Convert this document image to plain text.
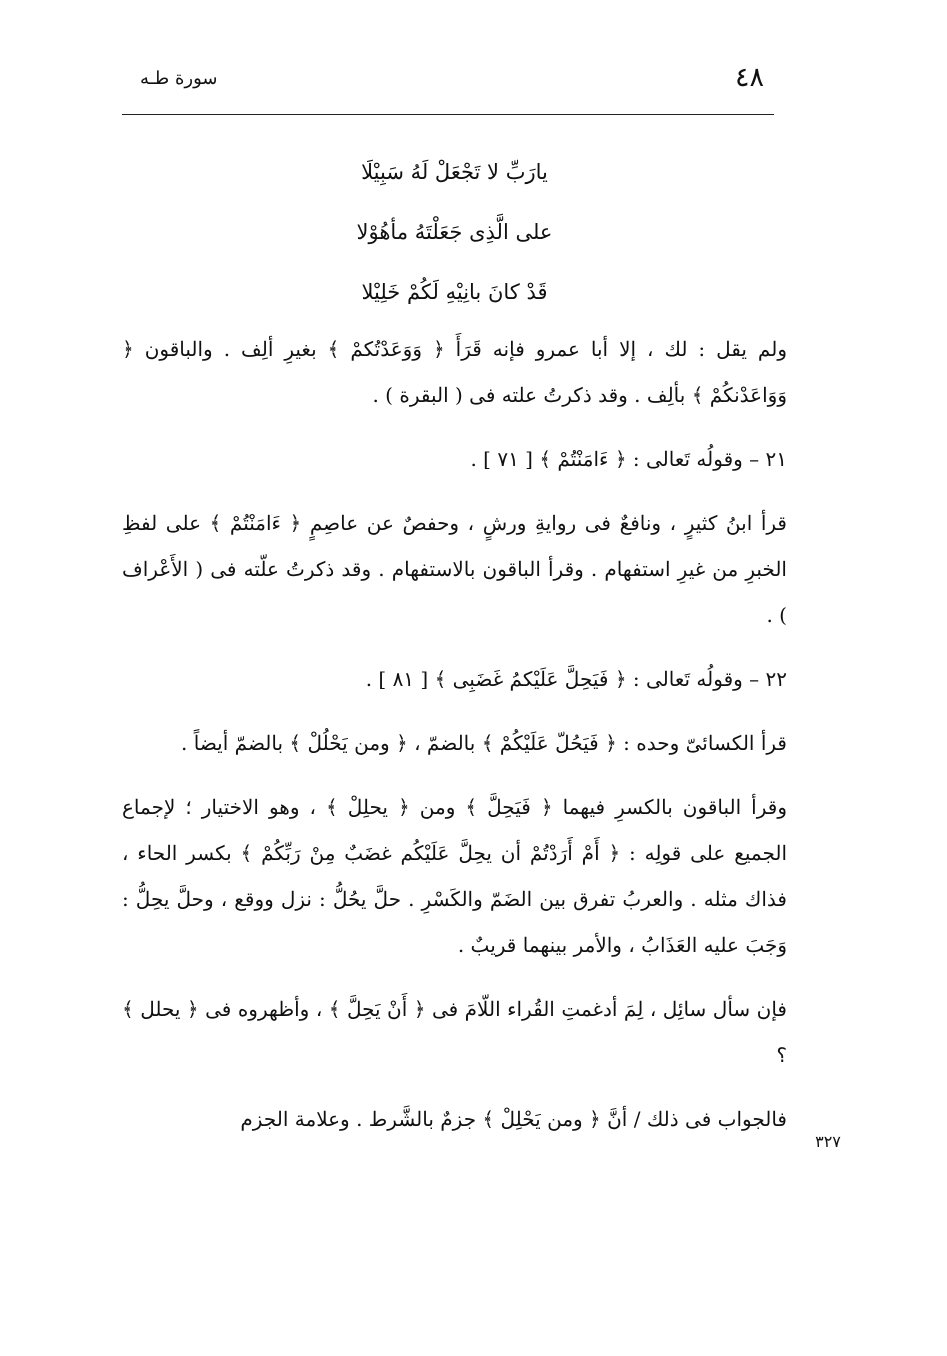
٤٨
سورة طـه
يارَبِّ لا تَجْعَلْ لَهُ سَبِيْلَا
على الَّذِى جَعَلْتَهُ مأهُوْلا
قَدْ كانَ بانِيْهِ لَكُمْ خَلِيْلا

ولم يقل : لك ، إلا أبا عمرو فإنه قَرَأَ ﴿ وَوَعَدْتُكمْ ﴾ بغيرِ ألِف . والباقون ﴿ وَوَاعَدْنكُمْ ﴾ بألِف . وقد ذكرتُ علته فى ( البقرة ) .

٢١ – وقولُه تَعالى : ﴿ ءَامَنْتُمْ ﴾ [ ٧١ ] .

قرأ ابنُ كثيرٍ ، ونافعٌ فى روايةِ ورشٍ ، وحفصٌ عن عاصِمٍ ﴿ ءَامَنْتُمْ ﴾ على لفظِ الخبرِ من غيرِ استفهام . وقرأ الباقون بالاستفهام . وقد ذكرتُ علّته فى ( الأَعْراف ) .

٢٢ – وقولُه تَعالى : ﴿ فَيَحِلَّ عَلَيْكمُ غَضَبِى ﴾ [ ٨١ ] .

قرأ الكسائىّ وحده : ﴿ فَيَحُلّ عَلَيْكُمْ ﴾ بالضمّ ، ﴿ ومن يَحْلُلْ ﴾ بالضمّ أيضاً .

وقرأ الباقون بالكسرِ فيهما ﴿ فَيَحِلَّ ﴾ ومن ﴿ يحلِلْ ﴾ ، وهو الاختيار ؛ لإجماع الجميع على قولِه : ﴿ أَمْ أَرَدْتُمْ أن يحِلَّ عَلَيْكُم غضَبٌ مِنْ رَبِّكُمْ ﴾ بكسر الحاء ، فذاك مثله . والعربُ تفرق بين الضَمّ والكَسْرِ . حلَّ يحُلُّ : نزل ووقع ، وحلَّ يحِلُّ : وَجَبَ عليه العَذَابُ ، والأمر بينهما قريبٌ .

فإن سأل سائِل ، لِمَ أدغمتِ القُراء اللّامَ فى ﴿ أَنْ يَحِلَّ ﴾ ، وأظهروه فى ﴿ يحلل ﴾ ؟

فالجواب فى ذلك / أنَّ ﴿ ومن يَحْلِلْ ﴾ جزمٌ بالشَّرط . وعلامة الجزم

٣٢٧
